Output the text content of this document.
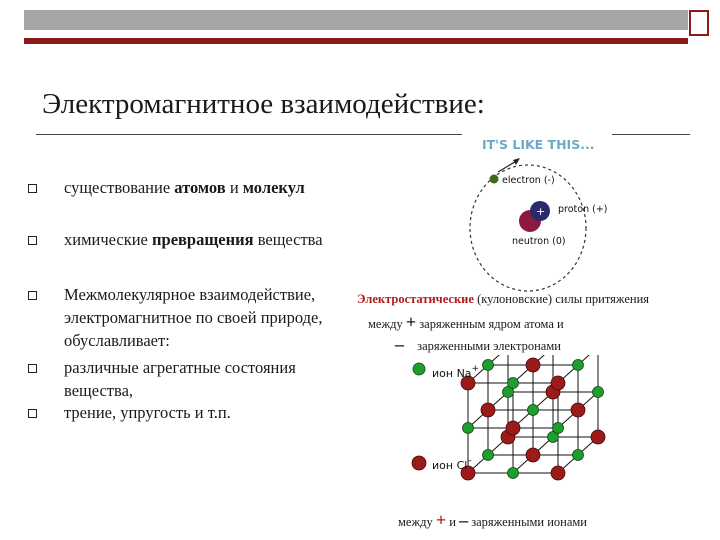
Электромагнитное взаимодействие:
существование атомов и молекул
химические превращения вещества
Межмолекулярное взаимодействие,
электромагнитное по своей природе,
обуславливает:
различные агрегатные состояния
вещества,
трение, упругость и т.п.
IT'S LIKE THIS...
electron (-)
+ proton (+)
neutron (0)
Электростатические (кулоновские) силы притяжения
между + заряженным ядром атома и
– заряженными электронами
ион Na+
ион Cl–
между + и – заряженными ионами
